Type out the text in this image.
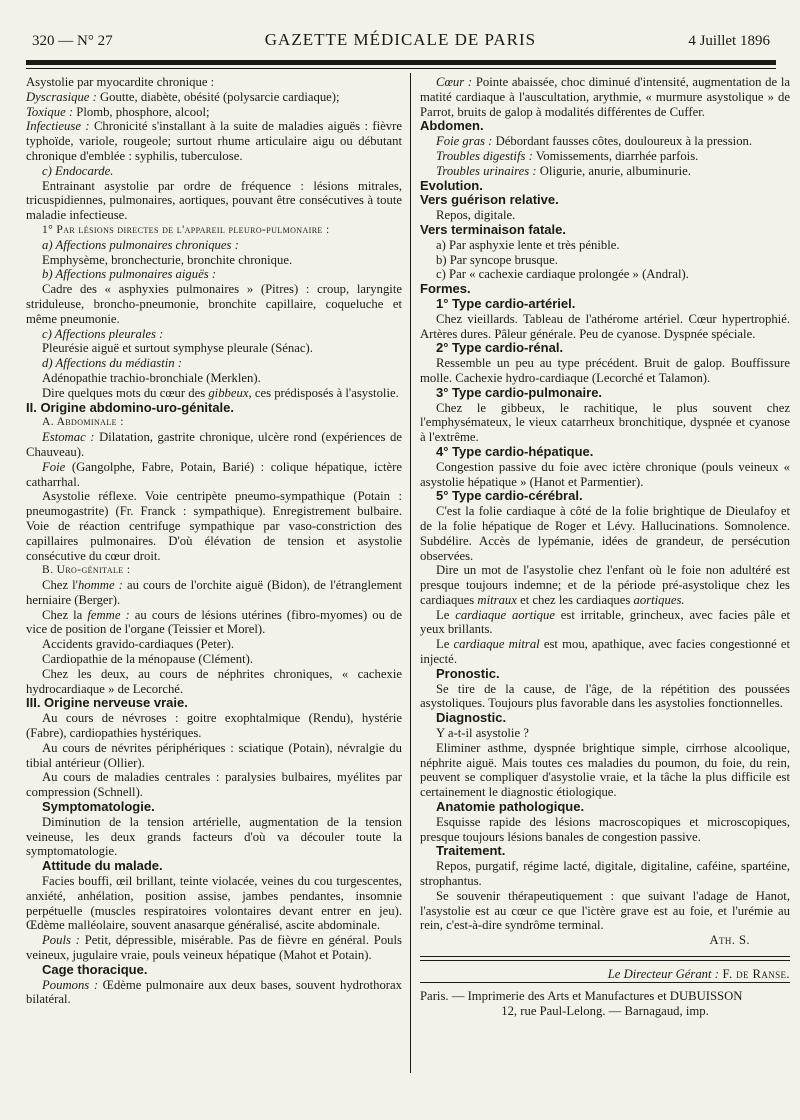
320 — N° 27	GAZETTE MÉDICALE DE PARIS	4 Juillet 1896

Asystolie par myocardite chronique :

Dyscrasique : Goutte, diabète, obésité (polysarcie cardiaque);

Toxique : Plomb, phosphore, alcool;

Infectieuse : Chronicité s'installant à la suite de maladies aiguës : fièvre typhoïde, variole, rougeole; surtout rhume articulaire aigu ou débutant chronique d'emblée : syphilis, tuberculose.

c) Endocarde.

Entrainant asystolie par ordre de fréquence : lésions mitrales, tricuspidiennes, pulmonaires, aortiques, pouvant être consécutives à toute maladie infectieuse.

1° Par lésions directes de l'appareil pleuro-pulmonaire :

a) Affections pulmonaires chroniques :

Emphysème, bronchecturie, bronchite chronique.

b) Affections pulmonaires aiguës :

Cadre des « asphyxies pulmonaires » (Pitres) : croup, laryngite striduleuse, broncho-pneumonie, bronchite capillaire, coqueluche et même pneumonie.

c) Affections pleurales :

Pleurésie aiguë et surtout symphyse pleurale (Sénac).

d) Affections du médiastin :

Adénopathie trachio-bronchiale (Merklen).

Dire quelques mots du cœur des gibbeux, ces prédisposés à l'asystolie.

II. Origine abdomino-uro-génitale.

A. Abdominale :

Estomac : Dilatation, gastrite chronique, ulcère rond (expériences de Chauveau).

Foie (Gangolphe, Fabre, Potain, Barié) : colique hépatique, ictère catharrhal.

Asystolie réflexe. Voie centripète pneumo-sympathique (Potain : pneumogastrite) (Fr. Franck : sympathique). Enregistrement bulbaire. Voie de réaction centrifuge sympathique par vaso-constriction des capillaires pulmonaires. D'où élévation de tension et asystolie consécutive du cœur droit.

B. Uro-génitale :

Chez l'homme : au cours de l'orchite aiguë (Bidon), de l'étranglement herniaire (Berger).

Chez la femme : au cours de lésions utérines (fibro-myomes) ou de vice de position de l'organe (Teissier et Morel).

Accidents gravido-cardiaques (Peter).

Cardiopathie de la ménopause (Clément).

Chez les deux, au cours de néphrites chroniques, « cachexie hydrocardiaque » de Lecorché.

III. Origine nerveuse vraie.

Au cours de névroses : goitre exophtalmique (Rendu), hystérie (Fabre), cardiopathies hystériques.

Au cours de névrites périphériques : sciatique (Potain), névralgie du tibial antérieur (Ollier).

Au cours de maladies centrales : paralysies bulbaires, myélites par compression (Schnell).

Symptomatologie.

Diminution de la tension artérielle, augmentation de la tension veineuse, les deux grands facteurs d'où va découler toute la symptomatologie.

Attitude du malade.

Facies bouffi, œil brillant, teinte violacée, veines du cou turgescentes, anxiété, anhélation, position assise, jambes pendantes, insomnie perpétuelle (muscles respiratoires volontaires devant entrer en jeu). Œdème malléolaire, souvent anasarque généralisé, ascite abdominale.

Pouls : Petit, dépressible, misérable. Pas de fièvre en général. Pouls veineux, jugulaire vraie, pouls veineux hépatique (Mahot et Potain).

Cage thoracique.

Poumons : Œdème pulmonaire aux deux bases, souvent hydrothorax bilatéral.

Cœur : Pointe abaissée, choc diminué d'intensité, augmentation de la matité cardiaque à l'auscultation, arythmie, « murmure asystolique » de Parrot, bruits de galop à modalités différentes de Cuffer.

Abdomen.

Foie gras : Débordant fausses côtes, douloureux à la pression.

Troubles digestifs : Vomissements, diarrhée parfois.

Troubles urinaires : Oligurie, anurie, albuminurie.

Evolution.

Vers guérison relative.

Repos, digitale.

Vers terminaison fatale.

a) Par asphyxie lente et très pénible.

b) Par syncope brusque.

c) Par « cachexie cardiaque prolongée » (Andral).

Formes.

1° Type cardio-artériel.

Chez vieillards. Tableau de l'athérome artériel. Cœur hypertrophié. Artères dures. Pâleur générale. Peu de cyanose. Dyspnée spéciale.

2° Type cardio-rénal.

Ressemble un peu au type précédent. Bruit de galop. Bouffissure molle. Cachexie hydro-cardiaque (Lecorché et Talamon).

3° Type cardio-pulmonaire.

Chez le gibbeux, le rachitique, le plus souvent chez l'emphysémateux, le vieux catarrheux bronchitique, dyspnée et cyanose à l'extrême.

4° Type cardio-hépatique.

Congestion passive du foie avec ictère chronique (pouls veineux « asystolie hépatique » (Hanot et Parmentier).

5° Type cardio-cérébral.

C'est la folie cardiaque à côté de la folie brightique de Dieulafoy et de la folie hépatique de Roger et Lévy. Hallucinations. Somnolence. Subdélire. Accès de lypémanie, idées de grandeur, de persécution observées.

Dire un mot de l'asystolie chez l'enfant où le foie non adultéré est presque toujours indemne; et de la période pré-asystolique chez les cardiaques mitraux et chez les cardiaques aortiques.

Le cardiaque aortique est irritable, grincheux, avec facies pâle et yeux brillants.

Le cardiaque mitral est mou, apathique, avec facies congestionné et injecté.

Pronostic.

Se tire de la cause, de l'âge, de la répétition des poussées asystoliques. Toujours plus favorable dans les asystolies fonctionnelles.

Diagnostic.

Y a-t-il asystolie ?

Eliminer asthme, dyspnée brightique simple, cirrhose alcoolique, néphrite aiguë. Mais toutes ces maladies du poumon, du foie, du rein, peuvent se compliquer d'asystolie vraie, et la tâche la plus difficile est certainement le diagnostic étiologique.

Anatomie pathologique.

Esquisse rapide des lésions macroscopiques et microscopiques, presque toujours lésions banales de congestion passive.

Traitement.

Repos, purgatif, régime lacté, digitale, digitaline, caféine, spartéine, strophantus.

Se souvenir thérapeutiquement : que suivant l'adage de Hanot, l'asystolie est au cœur ce que l'ictère grave est au foie, et l'urémie au rein, c'est-à-dire syndrôme terminal.

Ath. S.

Le Directeur Gérant : F. de Ranse.

Paris. — Imprimerie des Arts et Manufactures et DUBUISSON

12, rue Paul-Lelong. — Barnagaud, imp.
